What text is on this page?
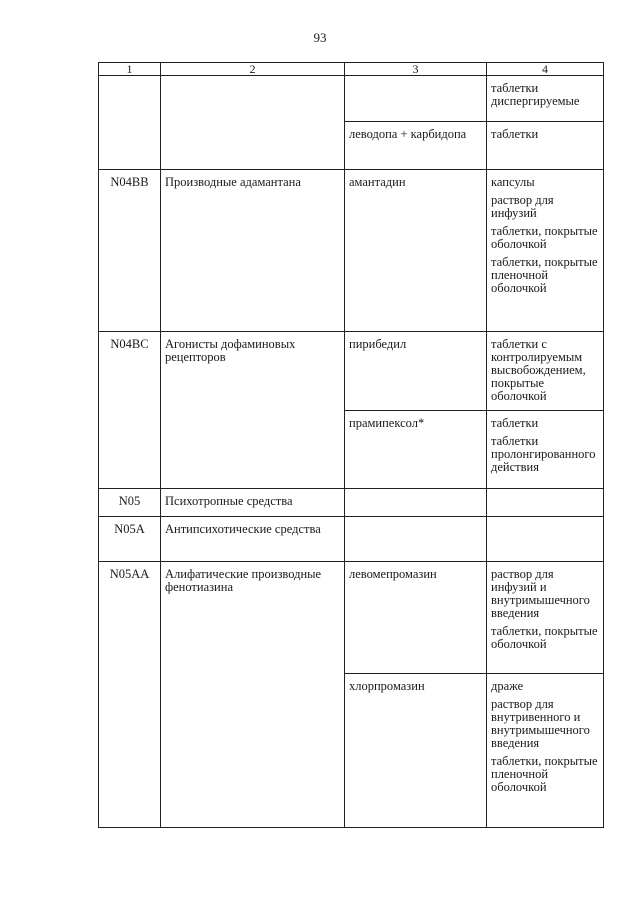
93
1	2	3	4

			таблетки диспергируемые

		леводопа + карбидопа	таблетки

N04BB	Производные адамантана	амантадин	капсулы
раствор для инфузий
таблетки, покрытые оболочкой
таблетки, покрытые пленочной оболочкой

N04BC	Агонисты дофаминовых рецепторов	пирибедил	таблетки с контролируемым высвобождением, покрытые оболочкой

		прамипексол*	таблетки
таблетки пролонгированного действия

N05	Психотропные средства		
N05A	Антипсихотические средства		
N05AA	Алифатические производные фенотиазина	левомепромазин	раствор для инфузий и внутримышечного введения
таблетки, покрытые оболочкой

		хлорпромазин	драже
раствор для внутривенного и внутримышечного введения
таблетки, покрытые пленочной оболочкой
